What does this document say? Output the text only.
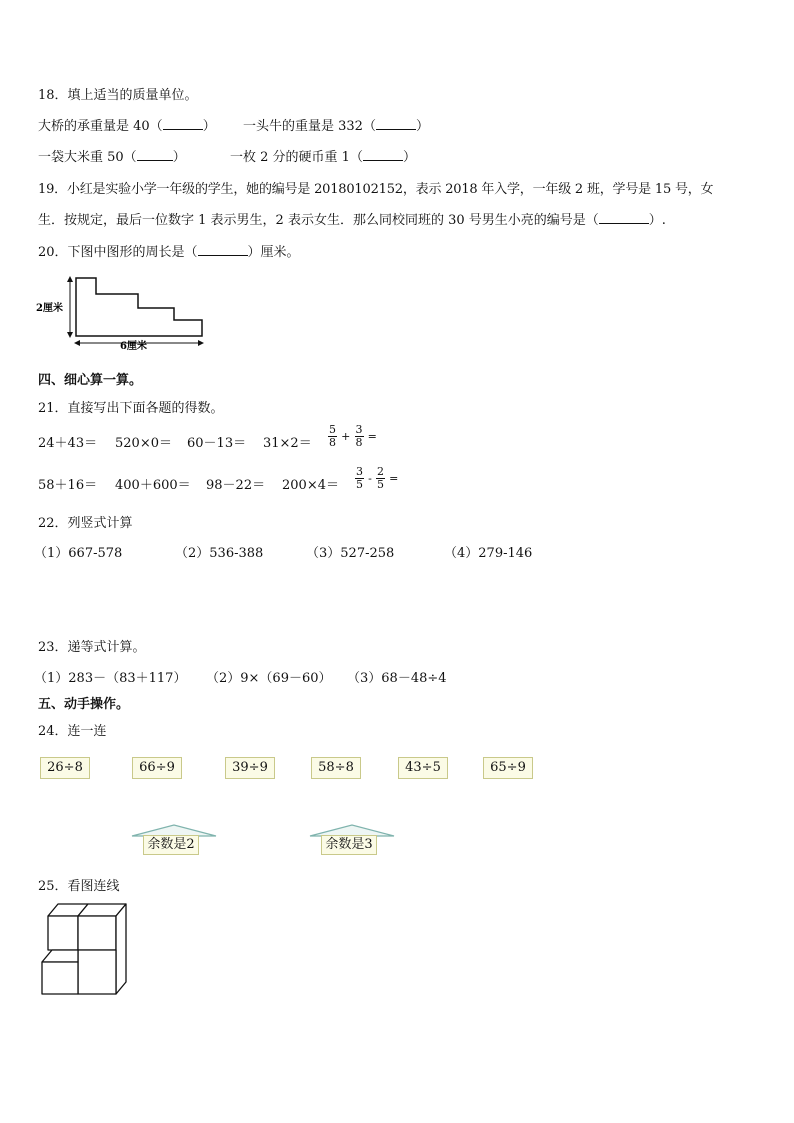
18．填上适当的质量单位。
大桥的承重量是 40（	） 一头牛的重量是 332（	）
一袋大米重 50（	）	一枚 2 分的硬币重 1（	）
19．小红是实验小学一年级的学生，她的编号是 20180102152，表示 2018 年入学，一年级 2 班，学号是 15 号，女
生．按规定，最后一位数字 1 表示男生，2 表示女生．那么同校同班的 30 号男生小亮的编号是（	）.
20．下图中图形的周长是（	）厘米。
2厘米
6厘米
四、细心算一算。
21．直接写出下面各题的得数。
$24+43= 520\times 0= 60-13= 31\times 2= \frac{5}{8} + \frac{3}{8}$ =
$58+16= 400+600= 98-22= 200\times 4= \frac{3}{5} - \frac{2}{5}$ =
22．列竖式计算
（1）667-578	（2）536-388	（3）527-258	（4）279-146
23．递等式计算。
（1）283－（83＋117） （2）9×（69－60） （3）68－48÷4
五、动手操作。
24．连一连
26÷8	66÷9	39÷9	58÷8	43÷5	65÷9
余数是2	余数是3
25．看图连线
